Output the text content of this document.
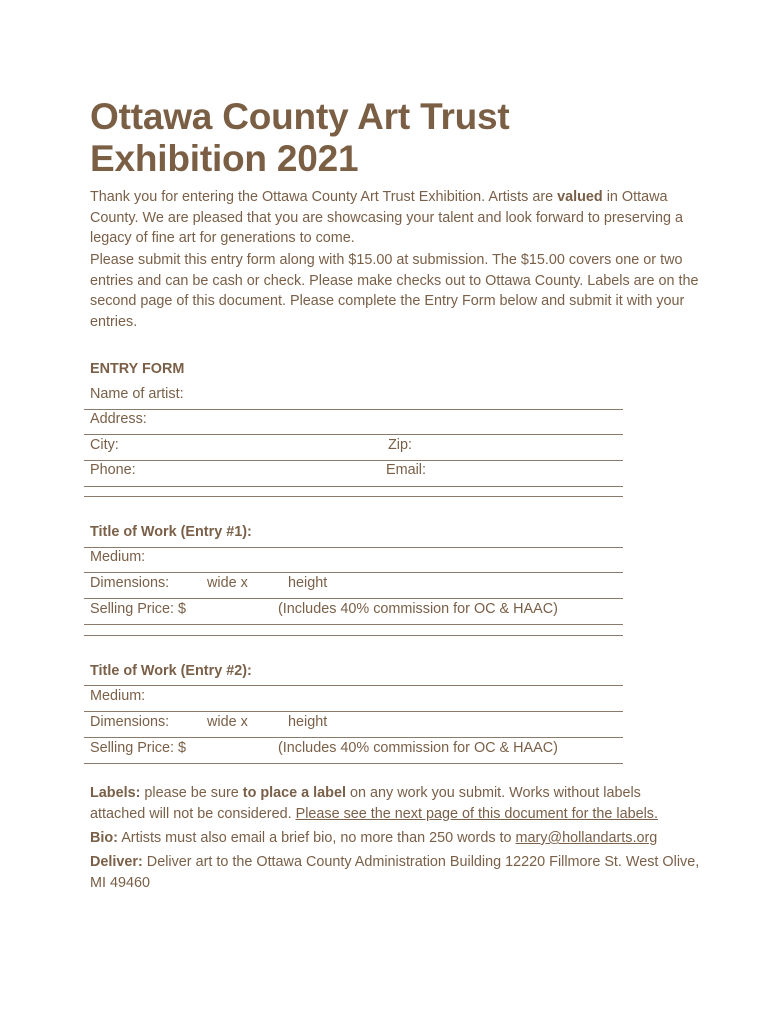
Ottawa County Art Trust
Exhibition 2021

Thank you for entering the Ottawa County Art Trust Exhibition. Artists are valued in Ottawa County. We are pleased that you are showcasing your talent and look forward to preserving a legacy of fine art for generations to come.

Please submit this entry form along with $15.00 at submission. The $15.00 covers one or two entries and can be cash or check. Please make checks out to Ottawa County. Labels are on the second page of this document. Please complete the Entry Form below and submit it with your entries.

ENTRY FORM
Name of artist:
Address:
City:	Zip:
Phone:	Email:
Title of Work (Entry #1):
Medium:
Dimensions:	wide x	height
Selling Price: $	(Includes 40% commission for OC & HAAC)
Title of Work (Entry #2):
Medium:
Dimensions:	wide x	height
Selling Price: $	(Includes 40% commission for OC & HAAC)

Labels: please be sure to place a label on any work you submit. Works without labels attached will not be considered. Please see the next page of this document for the labels.

Bio: Artists must also email a brief bio, no more than 250 words to mary@hollandarts.org

Deliver: Deliver art to the Ottawa County Administration Building 12220 Fillmore St. West Olive, MI 49460
